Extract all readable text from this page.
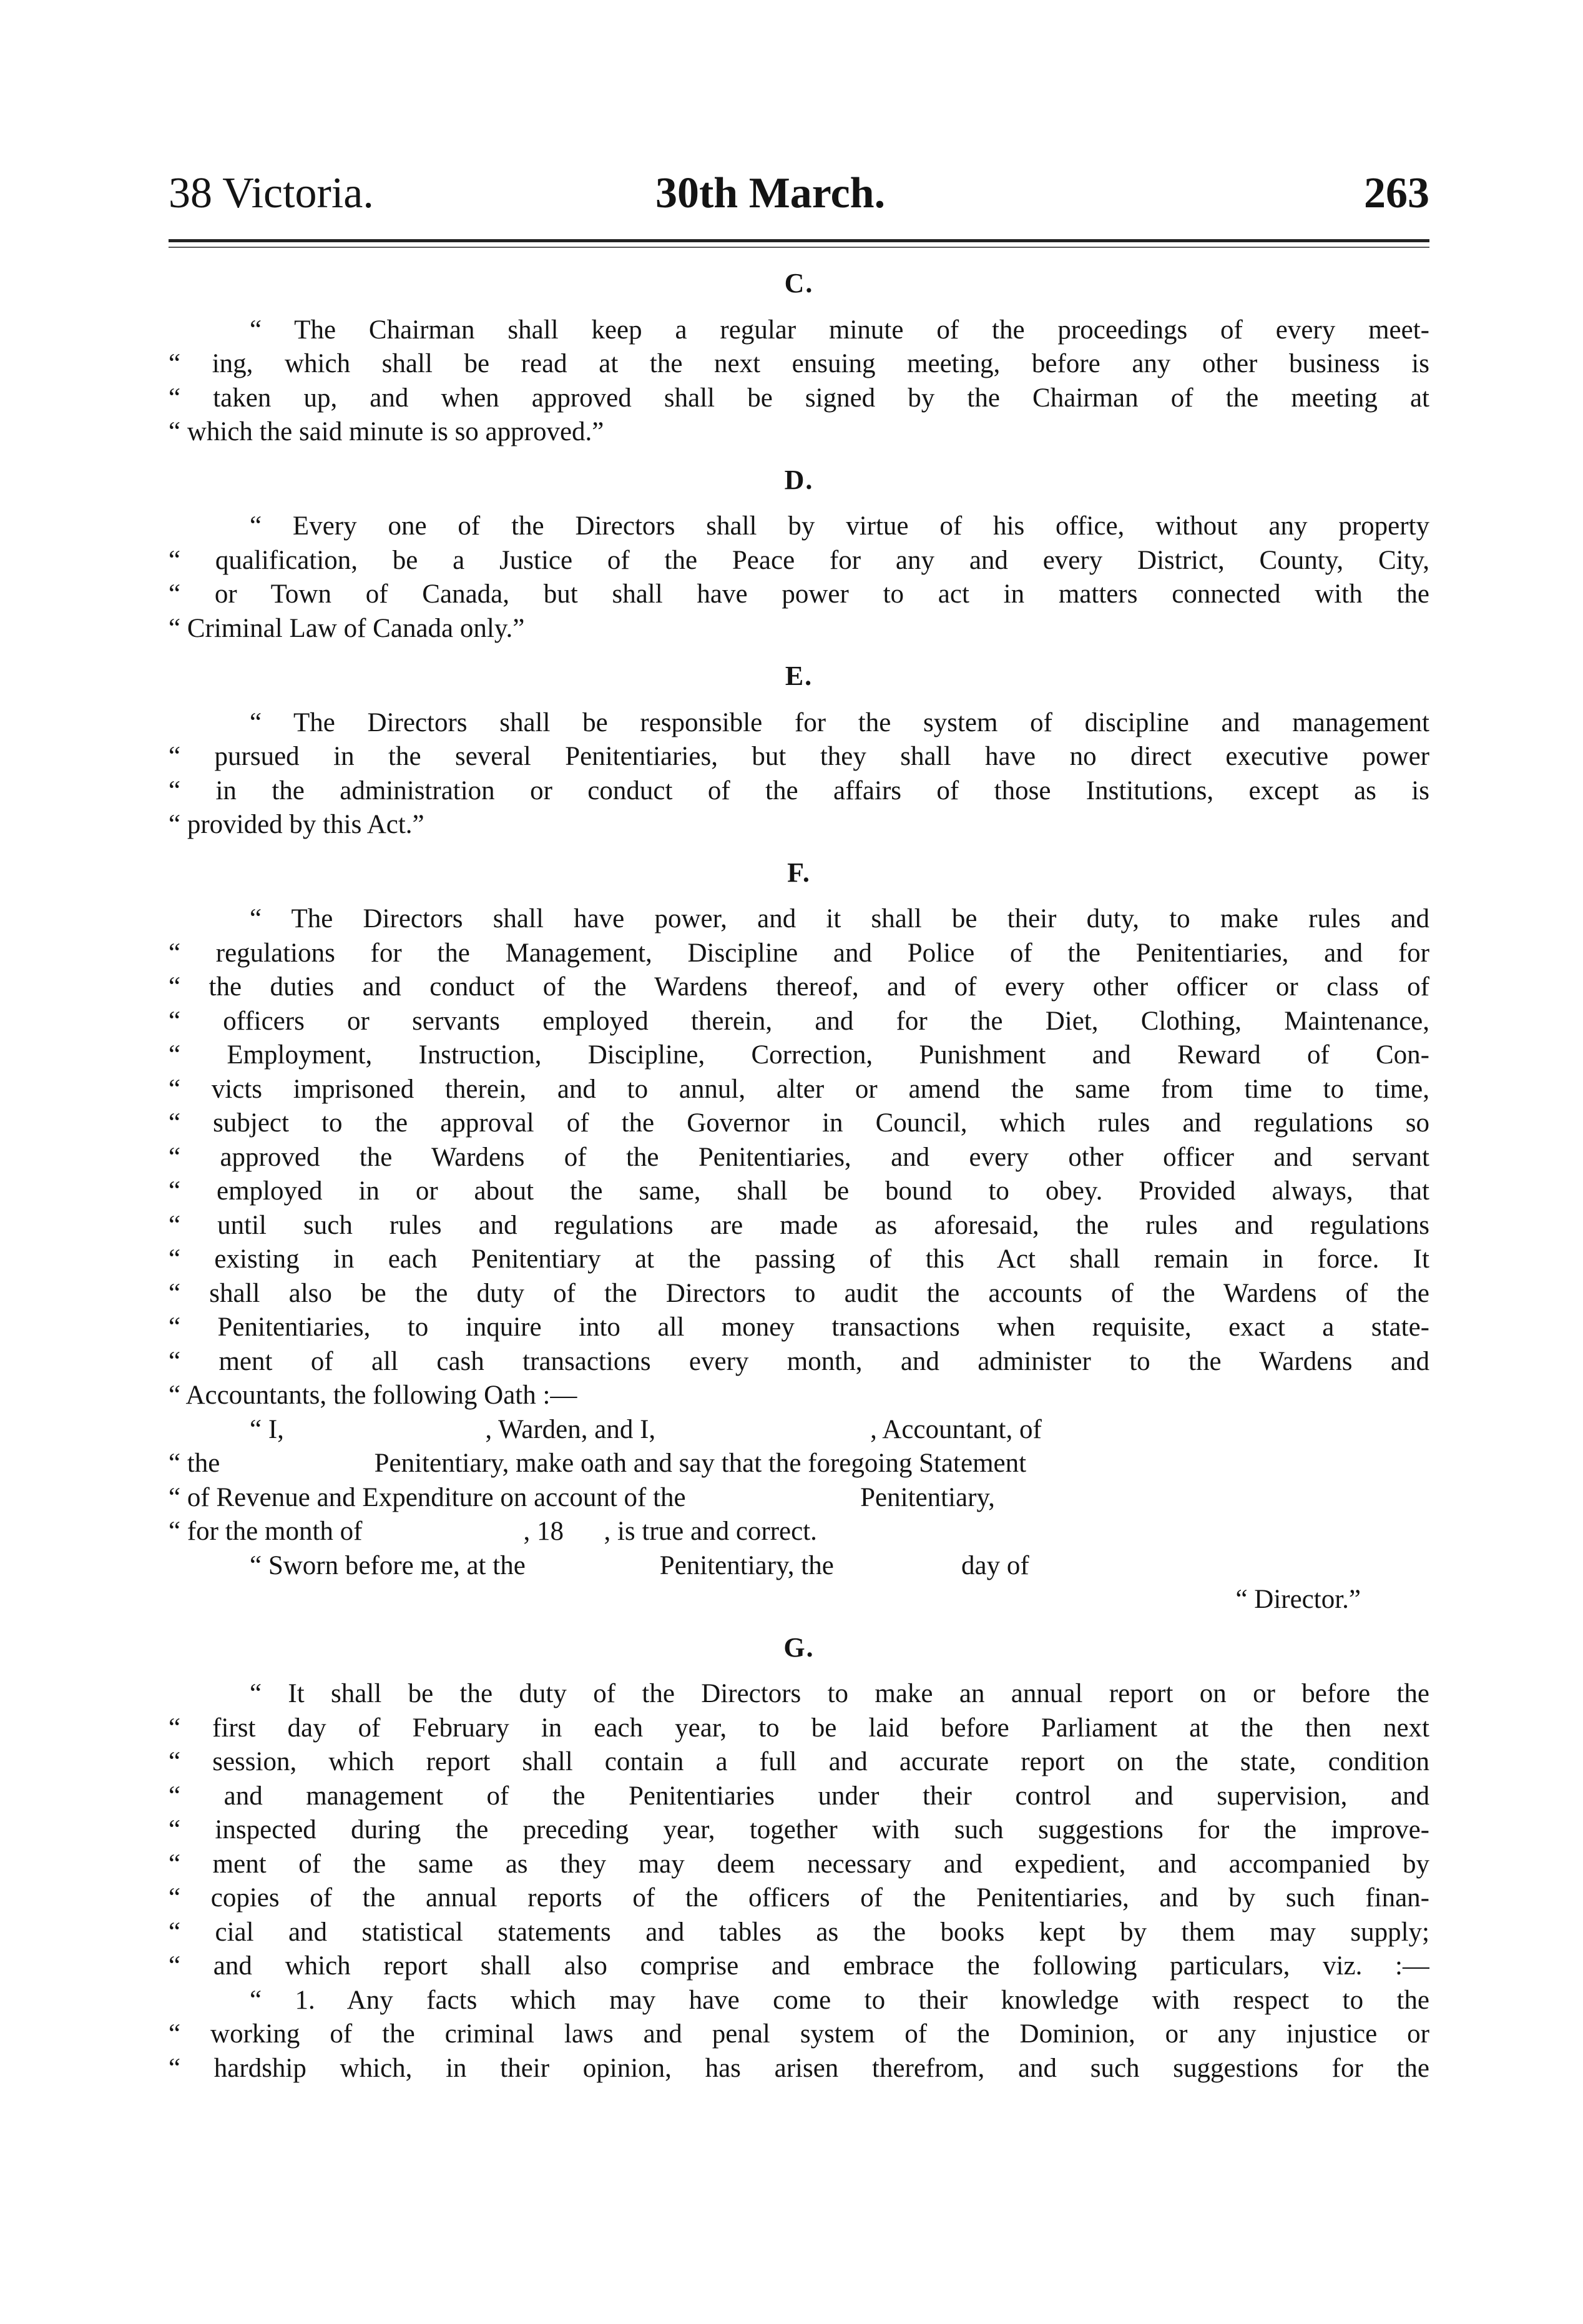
38 Victoria.	30th March.	263
C.
“ The Chairman shall keep a regular minute of the proceedings of every meet-
“ ing, which shall be read at the next ensuing meeting, before any other business is
“ taken up, and when approved shall be signed by the Chairman of the meeting at
“ which the said minute is so approved.”
D.
“ Every one of the Directors shall by virtue of his office, without any property
“ qualification, be a Justice of the Peace for any and every District, County, City,
“ or Town of Canada, but shall have power to act in matters connected with the
“ Criminal Law of Canada only.”
E.
“ The Directors shall be responsible for the system of discipline and management
“ pursued in the several Penitentiaries, but they shall have no direct executive power
“ in the administration or conduct of the affairs of those Institutions, except as is
“ provided by this Act.”
F.
“ The Directors shall have power, and it shall be their duty, to make rules and
“ regulations for the Management, Discipline and Police of the Penitentiaries, and for
“ the duties and conduct of the Wardens thereof, and of every other officer or class of
“ officers or servants employed therein, and for the Diet, Clothing, Maintenance,
“ Employment, Instruction, Discipline, Correction, Punishment and Reward of Con-
“ victs imprisoned therein, and to annul, alter or amend the same from time to time,
“ subject to the approval of the Governor in Council, which rules and regulations so
“ approved the Wardens of the Penitentiaries, and every other officer and servant
“ employed in or about the same, shall be bound to obey. Provided always, that
“ until such rules and regulations are made as aforesaid, the rules and regulations
“ existing in each Penitentiary at the passing of this Act shall remain in force. It
“ shall also be the duty of the Directors to audit the accounts of the Wardens of the
“ Penitentiaries, to inquire into all money transactions when requisite, exact a state-
“ ment of all cash transactions every month, and administer to the Wardens and
“ Accountants, the following Oath :—
“ I,                              , Warden, and I,                                , Accountant, of
“ the                       Penitentiary, make oath and say that the foregoing Statement
“ of Revenue and Expenditure on account of the                          Penitentiary,
“ for the month of                        , 18      , is true and correct.
“ Sworn before me, at the                    Penitentiary, the                   day of
“ Director.”
G.
“ It shall be the duty of the Directors to make an annual report on or before the
“ first day of February in each year, to be laid before Parliament at the then next
“ session, which report shall contain a full and accurate report on the state, condition
“ and management of the Penitentiaries under their control and supervision, and
“ inspected during the preceding year, together with such suggestions for the improve-
“ ment of the same as they may deem necessary and expedient, and accompanied by
“ copies of the annual reports of the officers of the Penitentiaries, and by such finan-
“ cial and statistical statements and tables as the books kept by them may supply;
“ and which report shall also comprise and embrace the following particulars, viz. :—
“ 1. Any facts which may have come to their knowledge with respect to the
“ working of the criminal laws and penal system of the Dominion, or any injustice or
“ hardship which, in their opinion, has arisen therefrom, and such suggestions for the
